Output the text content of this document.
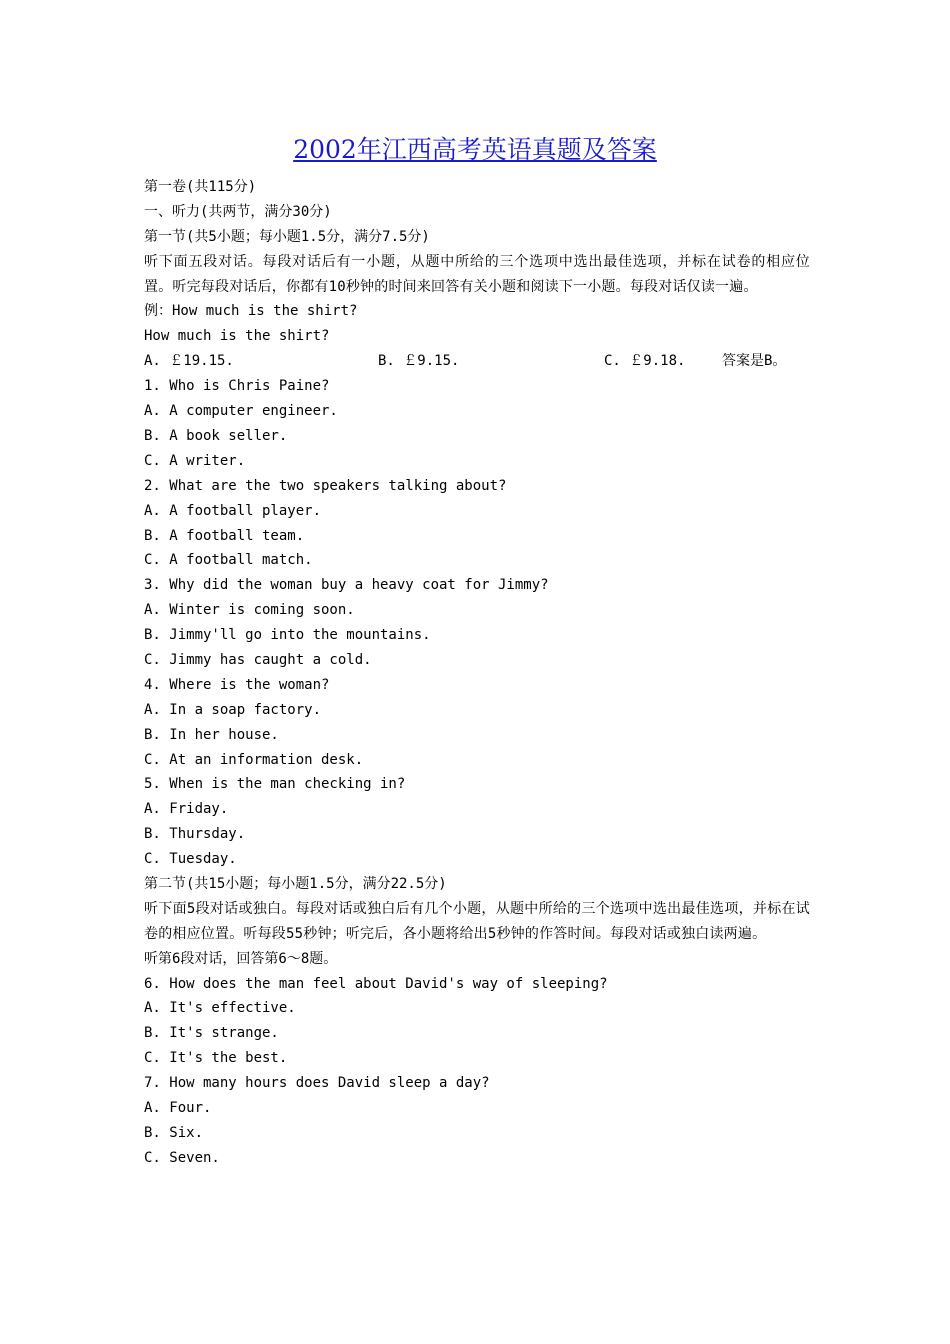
2002年江西高考英语真题及答案
第一卷(共115分)
一、听力(共两节，满分30分)
第一节(共5小题；每小题1.5分，满分7.5分)
听下面五段对话。每段对话后有一小题，从题中所给的三个选项中选出最佳选项，并标在试卷的相应位置。听完每段对话后，你都有10秒钟的时间来回答有关小题和阅读下一小题。每段对话仅读一遍。
例：How much is the shirt?
How much is the shirt?
A. ￡19.15.	B. ￡9.15.	C. ￡9.18.	答案是B。
1. Who is Chris Paine?
A. A computer engineer.
B. A book seller.
C. A writer.
2. What are the two speakers talking about?
A. A football player.
B. A football team.
C. A football match.
3. Why did the woman buy a heavy coat for Jimmy?
A. Winter is coming soon.
B. Jimmy'll go into the mountains.
C. Jimmy has caught a cold.
4. Where is the woman?
A. In a soap factory.
B. In her house.
C. At an information desk.
5. When is the man checking in?
A. Friday.
B. Thursday.
C. Tuesday.
第二节(共15小题；每小题1.5分，满分22.5分)
听下面5段对话或独白。每段对话或独白后有几个小题，从题中所给的三个选项中选出最佳选项，并标在试卷的相应位置。听每段55秒钟；听完后，各小题将给出5秒钟的作答时间。每段对话或独白读两遍。
听第6段对话，回答第6～8题。
6. How does the man feel about David's way of sleeping?
A. It's effective.
B. It's strange.
C. It's the best.
7. How many hours does David sleep a day?
A. Four.
B. Six.
C. Seven.
